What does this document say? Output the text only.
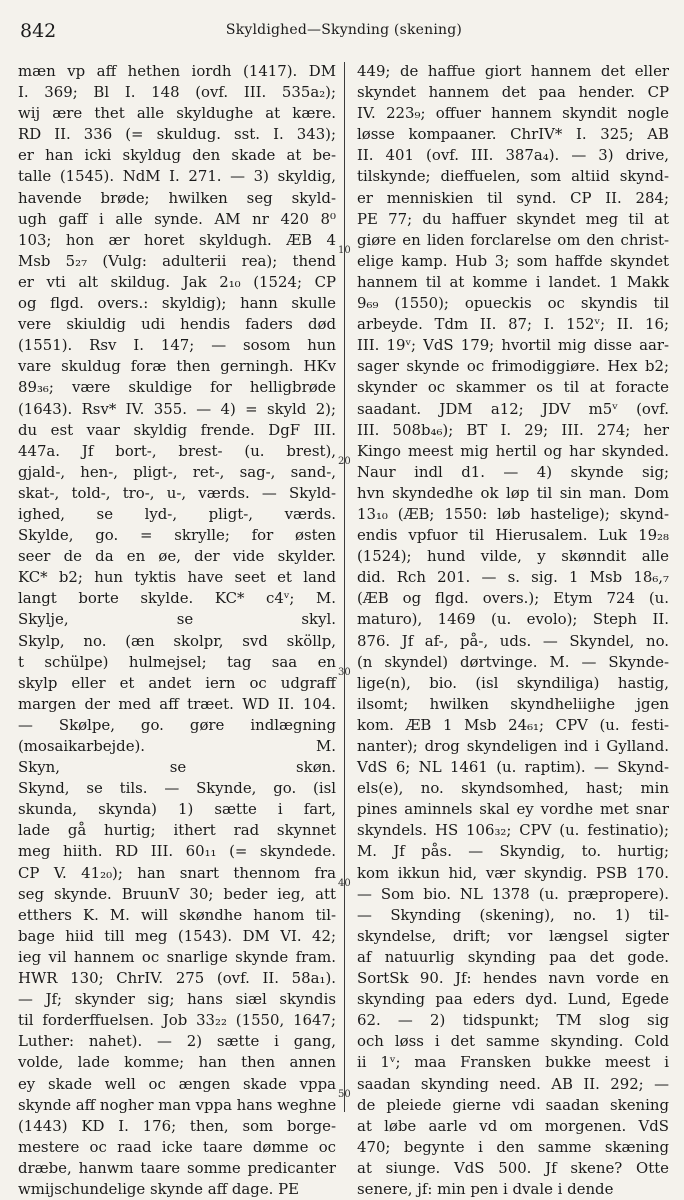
842	Skyldighed—Skynding (skening)
mæn vp aff hethen iordh (1417). DM
I. 369; Bl I. 148 (ovf. III. 535a₂);
wij ære thet alle skyldughe at kære.
RD II. 336 (= skuldug. sst. I. 343);
er han icki skyldug den skade at be-
talle (1545). NdM I. 271. — 3) skyldig,
havende brøde; hwilken seg skyld-
ugh gaff i alle synde. AM nr 420 8⁰
103; hon ær horet skyldugh. ÆB 4
Msb 5₂₇ (Vulg: adulterii rea); thend
er vti alt skildug. Jak 2₁₀ (1524; CP
og flgd. overs.: skyldig); hann skulle
vere skiuldig udi hendis faders død
(1551). Rsv I. 147; — sosom hun
vare skuldug foræ then gerningh. HKv
89₃₆; være skuldige for helligbrøde
(1643). Rsv* IV. 355. — 4) = skyld 2);
du est vaar skyldig frende. DgF III.
447a. Jf bort-, brest- (u. brest),
gjald-, hen-, pligt-, ret-, sag-, sand-,
skat-, told-, tro-, u-, værds. — Skyld-
ighed, se lyd-, pligt-, værds.
Skylde, go. = skrylle; for østen
seer de da en øe, der vide skylder.
KC* b2; hun tyktis have seet et land
langt borte skylde. KC* c4ᵛ; M.
Skylje, se skyl.
Skylp, no. (æn skolpr, svd sköllp,
t schülpe) hulmejsel; tag saa en
skylp eller et andet iern oc udgraff
margen der med aff træet. WD II. 104.
— Skølpe, go. gøre indlægning
(mosaikarbejde). M.
Skyn, se skøn.
Skynd, se tils. — Skynde, go. (isl
skunda, skynda) 1) sætte i fart,
lade gå hurtig; ithert rad skynnet
meg hiith. RD III. 60₁₁ (= skyndede.
CP V. 41₂₀); han snart thennom fra
seg skynde. BruunV 30; beder ieg, att
etthers K. M. will skøndhe hanom til-
bage hiid till meg (1543). DM VI. 42;
ieg vil hannem oc snarlige skynde fram.
HWR 130; ChrIV. 275 (ovf. II. 58a₁).
— Jf; skynder sig; hans siæl skyndis
til forderffuelsen. Job 33₂₂ (1550, 1647;
Luther: nahet). — 2) sætte i gang,
volde, lade komme; han then annen
ey skade well oc ængen skade vppa
skynde aff nogher man vppa hans weghne
(1443) KD I. 176; then, som borge-
mestere oc raad icke taare dømme oc
dræbe, hanwm taare somme predicanter
wmijschundelige skynde aff dage. PE
449; de haffue giort hannem det eller
skyndet hannem det paa hender. CP
IV. 223₉; offuer hannem skyndit nogle
løsse kompaaner. ChrIV* I. 325; AB
II. 401 (ovf. III. 387a₄). — 3) drive,
tilskynde; dieffuelen, som altiid skynd-
er menniskien til synd. CP II. 284;
PE 77; du haffuer skyndet meg til at
giøre en liden forclarelse om den christ-
elige kamp. Hub 3; som haffde skyndet
hannem til at komme i landet. 1 Makk
9₆₉ (1550); opueckis oc skyndis til
arbeyde. Tdm II. 87; I. 152ᵛ; II. 16;
III. 19ᵛ; VdS 179; hvortil mig disse aar-
sager skynde oc frimodiggiøre. Hex b2;
skynder oc skammer os til at foracte
saadant. JDM a12; JDV m5ᵛ (ovf.
III. 508b₄₆); BT I. 29; III. 274; her
Kingo meest mig hertil og har skynded.
Naur indl d1. — 4) skynde sig;
hvn skyndedhe ok løp til sin man. Dom
13₁₀ (ÆB; 1550: løb hastelige); skynd-
endis vpfuor til Hierusalem. Luk 19₂₈
(1524); hund vilde, y skønndit alle
did. Rch 201. — s. sig. 1 Msb 18₆,₇
(ÆB og flgd. overs.); Etym 724 (u.
maturo), 1469 (u. evolo); Steph II.
876. Jf af-, på-, uds. — Skyndel, no.
(n skyndel) dørtvinge. M. — Skynde-
lige(n), bio. (isl skyndiliga) hastig,
ilsomt; hwilken skyndheliighe jgen
kom. ÆB 1 Msb 24₆₁; CPV (u. festi-
nanter); drog skyndeligen ind i Gylland.
VdS 6; NL 1461 (u. raptim). — Skynd-
els(e), no. skyndsomhed, hast; min
pines aminnels skal ey vordhe met snar
skyndels. HS 106₃₂; CPV (u. festinatio);
M. Jf pås. — Skyndig, to. hurtig;
kom ikkun hid, vær skyndig. PSB 170.
— Som bio. NL 1378 (u. præpropere).
— Skynding (skening), no. 1) til-
skyndelse, drift; vor længsel sigter
af natuurlig skynding paa det gode.
SortSk 90. Jf: hendes navn vorde en
skynding paa eders dyd. Lund, Egede
62. — 2) tidspunkt; TM slog sig
och løss i det samme skynding. Cold
ii 1ᵛ; maa Fransken bukke meest i
saadan skynding need. AB II. 292; —
de pleiede gierne vdi saadan skening
at løbe aarle vd om morgenen. VdS
470; begynte i den samme skæning
at siunge. VdS 500. Jf skene? Otte
senere, jf: min pen i dvale i dende
10
20
30
40
50
